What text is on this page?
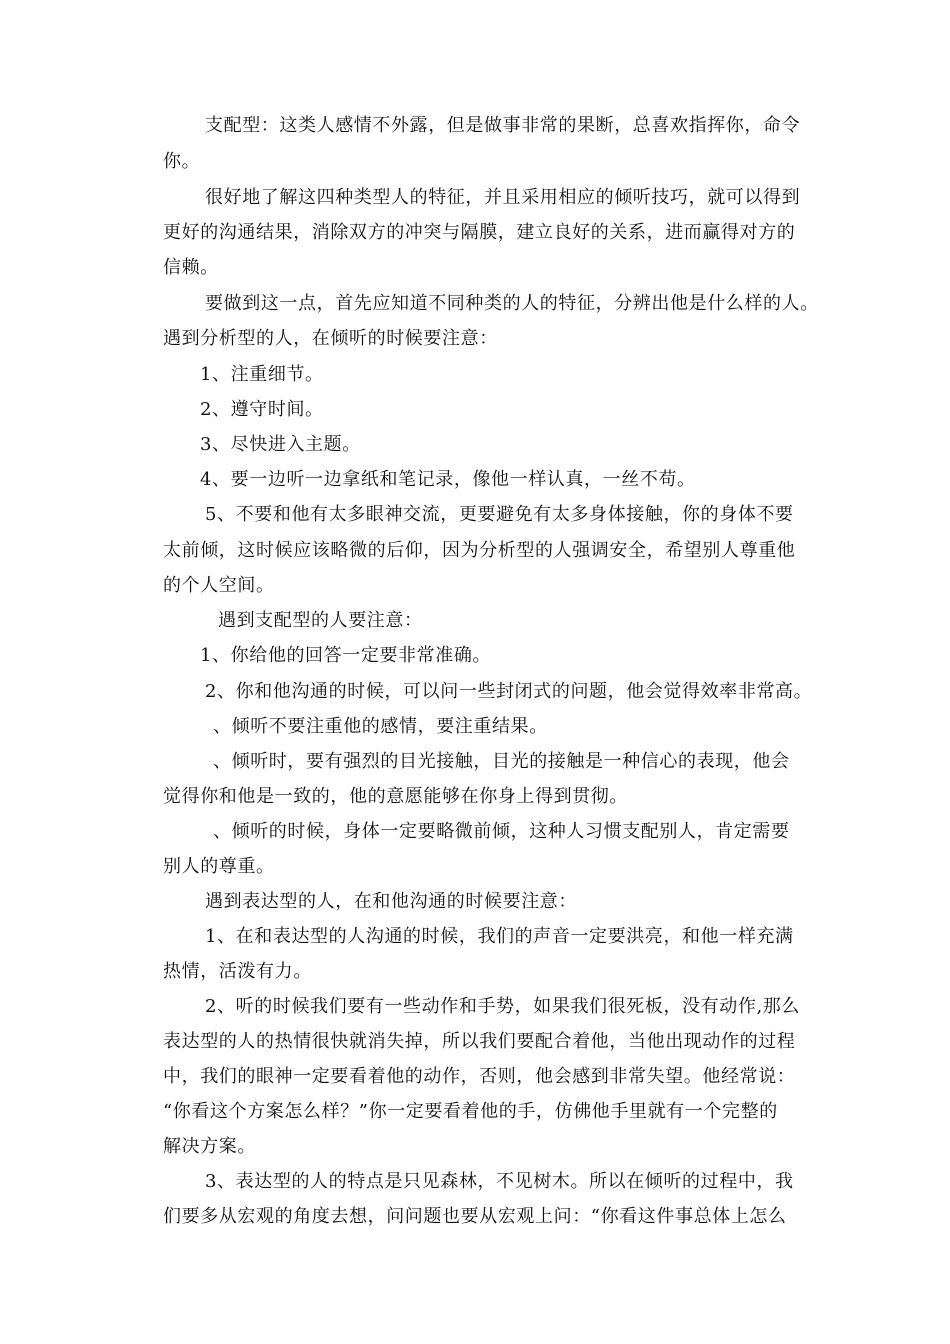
支配型：这类人感情不外露，但是做事非常的果断，总喜欢指挥你，命令
你。
很好地了解这四种类型人的特征，并且采用相应的倾听技巧，就可以得到
更好的沟通结果，消除双方的冲突与隔膜，建立良好的关系，进而赢得对方的
信赖。
要做到这一点，首先应知道不同种类的人的特征，分辨出他是什么样的人。
遇到分析型的人，在倾听的时候要注意：
1、注重细节。
2、遵守时间。
3、尽快进入主题。
4、要一边听一边拿纸和笔记录，像他一样认真，一丝不苟。
5、不要和他有太多眼神交流，更要避免有太多身体接触，你的身体不要
太前倾，这时候应该略微的后仰，因为分析型的人强调安全，希望别人尊重他
的个人空间。
遇到支配型的人要注意：
1、你给他的回答一定要非常准确。
2、你和他沟通的时候，可以问一些封闭式的问题，他会觉得效率非常高。
、倾听不要注重他的感情，要注重结果。
、倾听时，要有强烈的目光接触，目光的接触是一种信心的表现，他会
觉得你和他是一致的，他的意愿能够在你身上得到贯彻。
、倾听的时候，身体一定要略微前倾，这种人习惯支配别人，肯定需要
别人的尊重。
遇到表达型的人，在和他沟通的时候要注意：
1、在和表达型的人沟通的时候，我们的声音一定要洪亮，和他一样充满
热情，活泼有力。
2、听的时候我们要有一些动作和手势，如果我们很死板，没有动作,那么
表达型的人的热情很快就消失掉，所以我们要配合着他，当他出现动作的过程
中，我们的眼神一定要看着他的动作，否则，他会感到非常失望。他经常说：
“你看这个方案怎么样？”你一定要看着他的手，仿佛他手里就有一个完整的
解决方案。
3、表达型的人的特点是只见森林，不见树木。所以在倾听的过程中，我
们要多从宏观的角度去想，问问题也要从宏观上问：“你看这件事总体上怎么
